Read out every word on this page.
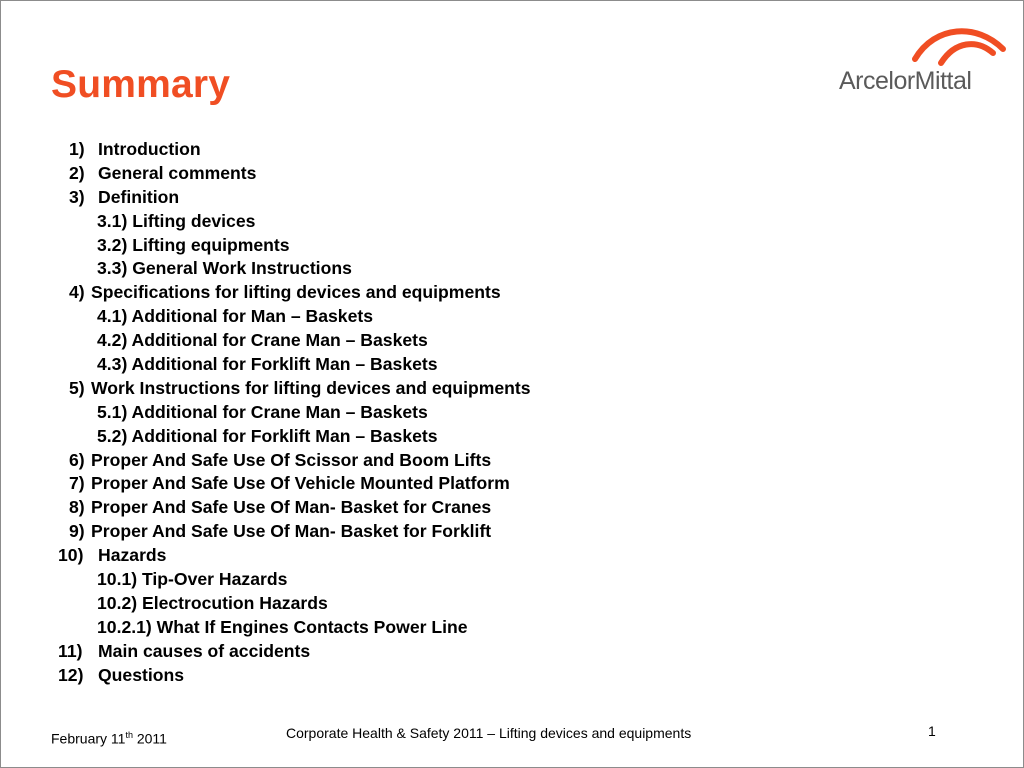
Summary	ArcelorMittal
1) Introduction
2) General comments
3) Definition
3.1) Lifting devices
3.2) Lifting equipments
3.3) General Work Instructions
4) Specifications for lifting devices and equipments
4.1) Additional for Man – Baskets
4.2) Additional for Crane Man – Baskets
4.3) Additional for Forklift Man – Baskets
5) Work Instructions for lifting devices and equipments
5.1) Additional for Crane Man – Baskets
5.2) Additional for Forklift Man – Baskets
6) Proper And Safe Use Of Scissor and Boom Lifts
7) Proper And Safe Use Of Vehicle Mounted Platform
8) Proper And Safe Use Of Man- Basket for Cranes
9) Proper And Safe Use Of Man- Basket for Forklift
10) Hazards
10.1) Tip-Over Hazards
10.2) Electrocution Hazards
10.2.1) What If Engines Contacts Power Line
11) Main causes of accidents
12) Questions
February 11th 2011	Corporate Health & Safety 2011 – Lifting devices and equipments	1
